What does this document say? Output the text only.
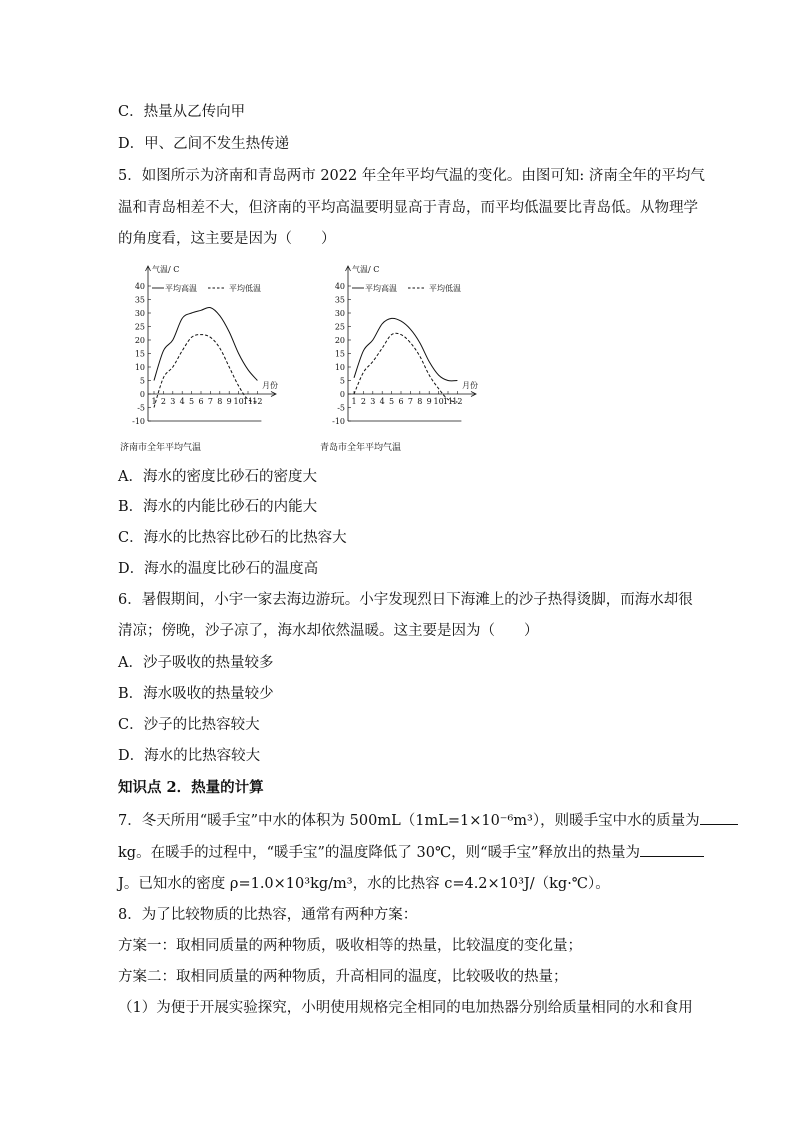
C．热量从乙传向甲
D．甲、乙间不发生热传递
5．如图所示为济南和青岛两市 2022 年全年平均气温的变化。由图可知: 济南全年的平均气
温和青岛相差不大，但济南的平均高温要明显高于青岛，而平均低温要比青岛低。从物理学
的角度看，这主要是因为（　　）
气温/ C
40
35
30
25
20
15
10
5
0
-5
-10
1 2 3 4 5 6 7 8 9 10 11 12
月份
平均高温	平均低温
济南市全年平均气温
气温/ C
40
35
30
25
20
15
10
5
0
-5
-10
1 2 3 4 5 6 7 8 9 10 11 12
月份
平均高温	平均低温
青岛市全年平均气温
A．海水的密度比砂石的密度大
B．海水的内能比砂石的内能大
C．海水的比热容比砂石的比热容大
D．海水的温度比砂石的温度高
6．暑假期间，小宇一家去海边游玩。小宇发现烈日下海滩上的沙子热得烫脚，而海水却很
清凉；傍晚，沙子凉了，海水却依然温暖。这主要是因为（　　）
A．沙子吸收的热量较多
B．海水吸收的热量较少
C．沙子的比热容较大
D．海水的比热容较大
知识点 2．热量的计算
7．冬天所用“暖手宝”中水的体积为 500mL（1mL=1×10⁻⁶m³），则暖手宝中水的质量为
kg。在暖手的过程中，“暖手宝”的温度降低了 30℃，则“暖手宝”释放出的热量为
J。已知水的密度 ρ=1.0×10³kg/m³，水的比热容 c=4.2×10³J/（kg·℃）。
8．为了比较物质的比热容，通常有两种方案：
方案一：取相同质量的两种物质，吸收相等的热量，比较温度的变化量；
方案二：取相同质量的两种物质，升高相同的温度，比较吸收的热量；
（1）为便于开展实验探究，小明使用规格完全相同的电加热器分别给质量相同的水和食用
